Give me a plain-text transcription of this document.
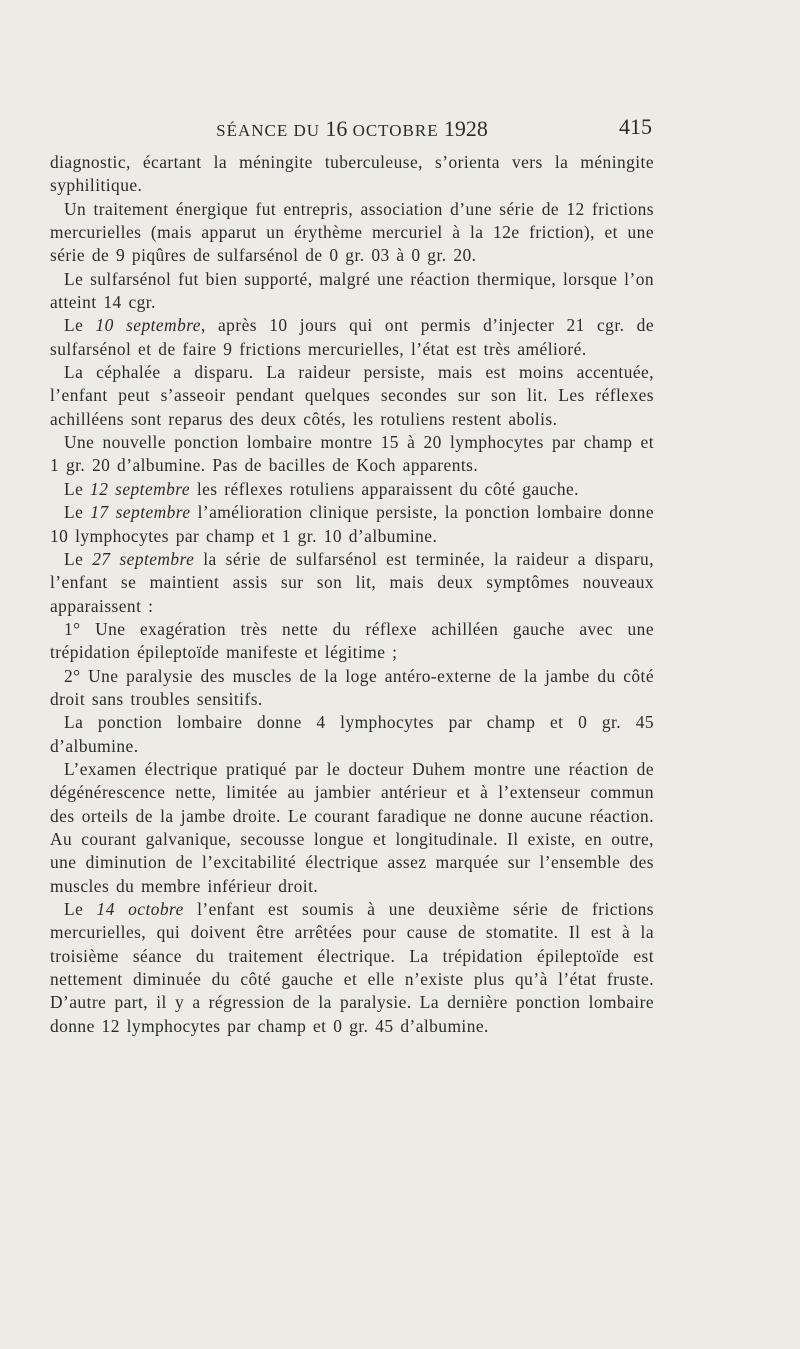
SÉANCE DU 16 OCTOBRE 1928	415

diagnostic, écartant la méningite tuberculeuse, s’orienta vers la méningite syphilitique.

Un traitement énergique fut entrepris, association d’une série de 12 frictions mercurielles (mais apparut un érythème mercuriel à la 12e friction), et une série de 9 piqûres de sulfarsénol de 0 gr. 03 à 0 gr. 20.

Le sulfarsénol fut bien supporté, malgré une réaction thermique, lorsque l’on atteint 14 cgr.

Le 10 septembre, après 10 jours qui ont permis d’injecter 21 cgr. de sulfarsénol et de faire 9 frictions mercurielles, l’état est très amélioré.

La céphalée a disparu. La raideur persiste, mais est moins accentuée, l’enfant peut s’asseoir pendant quelques secondes sur son lit. Les réflexes achilléens sont reparus des deux côtés, les rotuliens restent abolis.

Une nouvelle ponction lombaire montre 15 à 20 lymphocytes par champ et 1 gr. 20 d’albumine. Pas de bacilles de Koch apparents.

Le 12 septembre les réflexes rotuliens apparaissent du côté gauche.

Le 17 septembre l’amélioration clinique persiste, la ponction lombaire donne 10 lymphocytes par champ et 1 gr. 10 d’albumine.

Le 27 septembre la série de sulfarsénol est terminée, la raideur a disparu, l’enfant se maintient assis sur son lit, mais deux symptômes nouveaux apparaissent :

1° Une exagération très nette du réflexe achilléen gauche avec une trépidation épileptoïde manifeste et légitime ;

2° Une paralysie des muscles de la loge antéro-externe de la jambe du côté droit sans troubles sensitifs.

La ponction lombaire donne 4 lymphocytes par champ et 0 gr. 45 d’albumine.

L’examen électrique pratiqué par le docteur Duhem montre une réaction de dégénérescence nette, limitée au jambier antérieur et à l’extenseur commun des orteils de la jambe droite. Le courant faradique ne donne aucune réaction. Au courant galvanique, secousse longue et longitudinale. Il existe, en outre, une diminution de l’excitabilité électrique assez marquée sur l’ensemble des muscles du membre inférieur droit.

Le 14 octobre l’enfant est soumis à une deuxième série de frictions mercurielles, qui doivent être arrêtées pour cause de stomatite. Il est à la troisième séance du traitement électrique. La trépidation épileptoïde est nettement diminuée du côté gauche et elle n’existe plus qu’à l’état fruste. D’autre part, il y a régression de la paralysie. La dernière ponction lombaire donne 12 lymphocytes par champ et 0 gr. 45 d’albumine.
